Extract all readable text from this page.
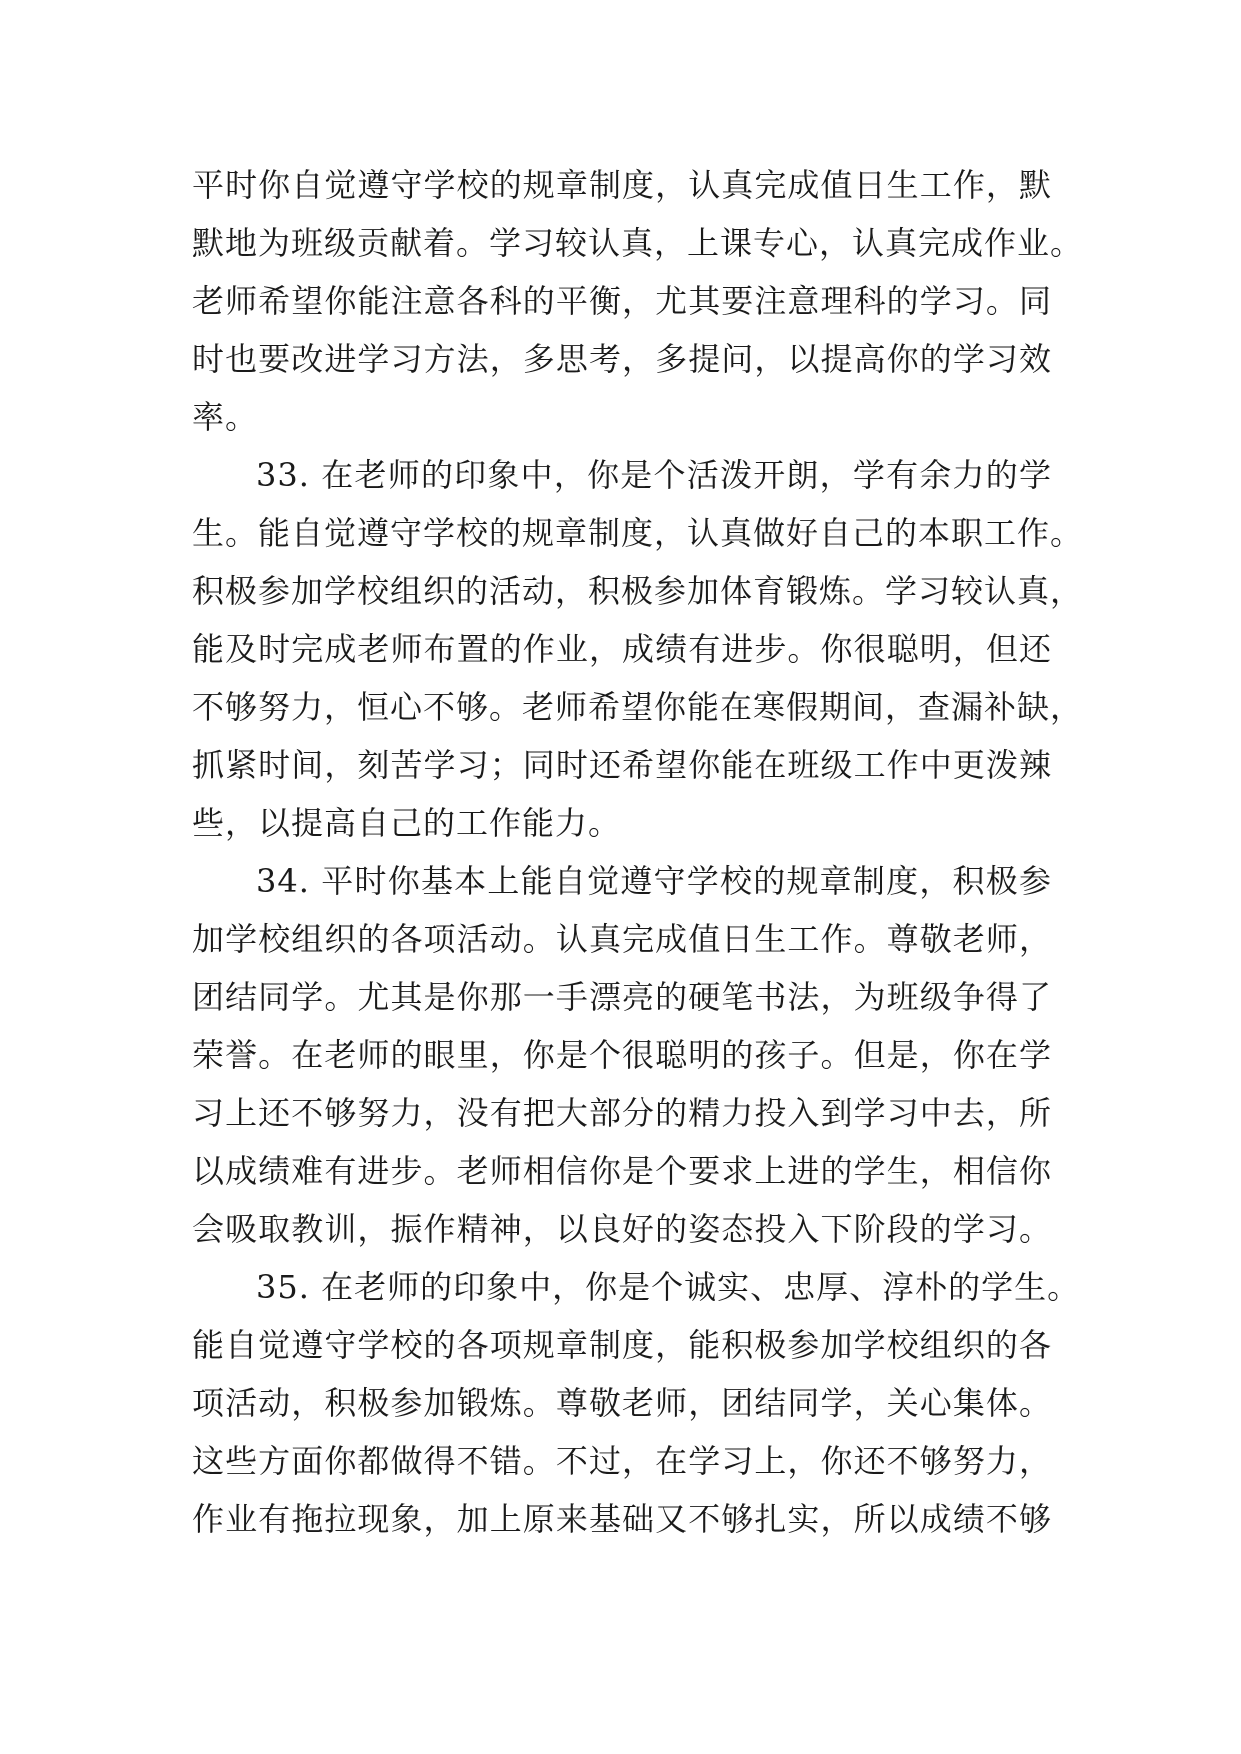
平时你自觉遵守学校的规章制度，认真完成值日生工作，默
默地为班级贡献着。学习较认真，上课专心，认真完成作业。
老师希望你能注意各科的平衡，尤其要注意理科的学习。同
时也要改进学习方法，多思考，多提问，以提高你的学习效
率。
33. 在老师的印象中，你是个活泼开朗，学有余力的学
生。能自觉遵守学校的规章制度，认真做好自己的本职工作。
积极参加学校组织的活动，积极参加体育锻炼。学习较认真，
能及时完成老师布置的作业，成绩有进步。你很聪明，但还
不够努力，恒心不够。老师希望你能在寒假期间，查漏补缺，
抓紧时间，刻苦学习；同时还希望你能在班级工作中更泼辣
些，以提高自己的工作能力。
34. 平时你基本上能自觉遵守学校的规章制度，积极参
加学校组织的各项活动。认真完成值日生工作。尊敬老师，
团结同学。尤其是你那一手漂亮的硬笔书法，为班级争得了
荣誉。在老师的眼里，你是个很聪明的孩子。但是，你在学
习上还不够努力，没有把大部分的精力投入到学习中去，所
以成绩难有进步。老师相信你是个要求上进的学生，相信你
会吸取教训，振作精神，以良好的姿态投入下阶段的学习。
35. 在老师的印象中，你是个诚实、忠厚、淳朴的学生。
能自觉遵守学校的各项规章制度，能积极参加学校组织的各
项活动，积极参加锻炼。尊敬老师，团结同学，关心集体。
这些方面你都做得不错。不过，在学习上，你还不够努力，
作业有拖拉现象，加上原来基础又不够扎实，所以成绩不够
